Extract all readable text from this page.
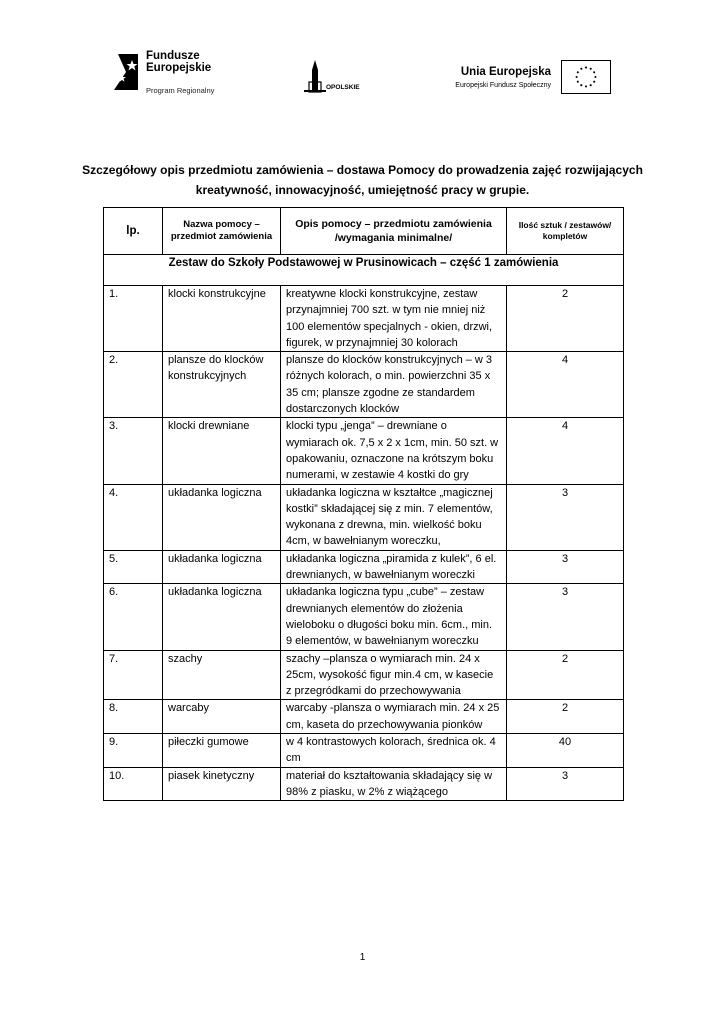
Fundusze
Europejskie
Program Regionalny	OPOLSKIE
Unia Europejska
Europejski Fundusz Społeczny
Szczegółowy opis przedmiotu zamówienia – dostawa Pomocy do prowadzenia zajęć rozwijających kreatywność, innowacyjność, umiejętność pracy w grupie.
lp.	Nazwa pomocy – przedmiot zamówienia	Opis pomocy – przedmiotu zamówienia /wymagania minimalne/	Ilość sztuk / zestawów/ kompletów
Zestaw do Szkoły Podstawowej w Prusinowicach – część 1 zamówienia			
1.	klocki konstrukcyjne	kreatywne klocki konstrukcyjne, zestaw przynajmniej 700 szt. w tym nie mniej niż 100 elementów specjalnych - okien, drzwi, figurek, w przynajmniej 30 kolorach	2
2.	plansze do klocków konstrukcyjnych	plansze do klocków konstrukcyjnych – w 3 różnych kolorach, o min. powierzchni 35 x 35 cm; plansze zgodne ze standardem dostarczonych klocków	4
3.	klocki drewniane	klocki typu „jenga” – drewniane o wymiarach ok. 7,5 x 2 x 1cm, min. 50 szt. w opakowaniu, oznaczone na krótszym boku numerami, w zestawie 4 kostki do gry	4
4.	układanka logiczna	układanka logiczna w kształtce „magicznej kostki” składającej się z min. 7 elementów, wykonana z drewna, min. wielkość boku 4cm, w bawełnianym woreczku,	3
5.	układanka logiczna	układanka logiczna „piramida z kulek”, 6 el. drewnianych, w bawełnianym woreczki	3
6.	układanka logiczna	układanka logiczna typu „cube” – zestaw drewnianych elementów do złożenia wieloboku o długości boku min. 6cm., min. 9 elementów, w bawełnianym woreczku	3
7.	szachy	szachy –plansza o wymiarach min. 24 x 25cm, wysokość figur min.4 cm, w kasecie z przegródkami do przechowywania	2
8.	warcaby	warcaby -plansza o wymiarach min. 24 x 25 cm, kaseta do przechowywania pionków	2
9.	piłeczki gumowe	w 4 kontrastowych kolorach, średnica ok. 4 cm	40
10.	piasek kinetyczny	materiał do kształtowania składający się w 98% z piasku, w 2% z wiążącego	3
1
